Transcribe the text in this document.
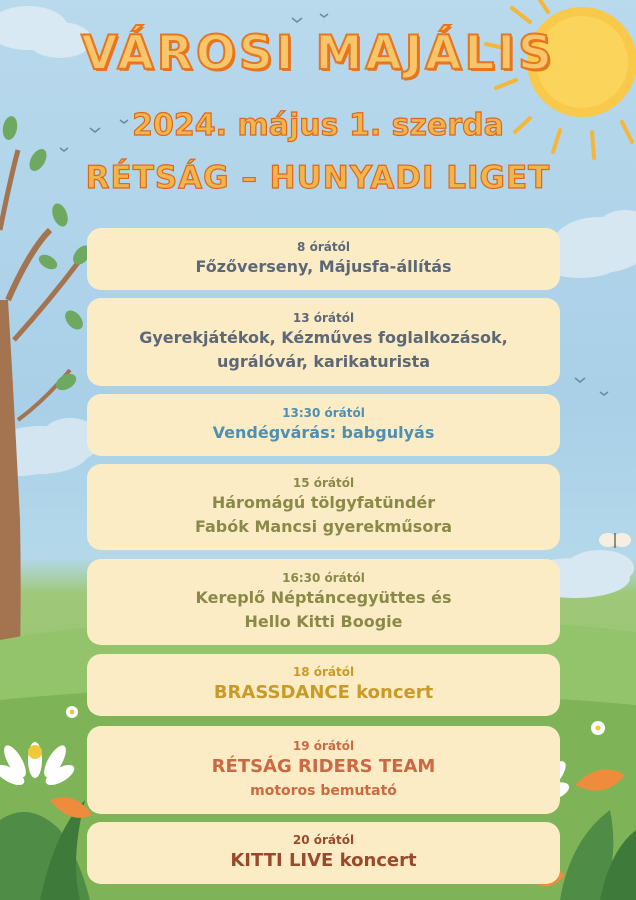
VÁROSI MAJÁLIS
2024. május 1. szerda
RÉTSÁG – HUNYADI LIGET
8 órától
Főzőverseny, Májusfa-állítás
13 órától
Gyerekjátékok, Kézműves foglalkozások,
ugrálóvár, karikaturista
13:30 órától
Vendégvárás: babgulyás
15 órától
Háromágú tölgyfatündér
Fabók Mancsi gyerekműsora
16:30 órától
Kereplő Néptáncegyüttes és
Hello Kitti Boogie
18 órától
BRASSDANCE koncert
19 órától
RÉTSÁG RIDERS TEAM
motoros bemutató
20 órától
KITTI LIVE koncert
